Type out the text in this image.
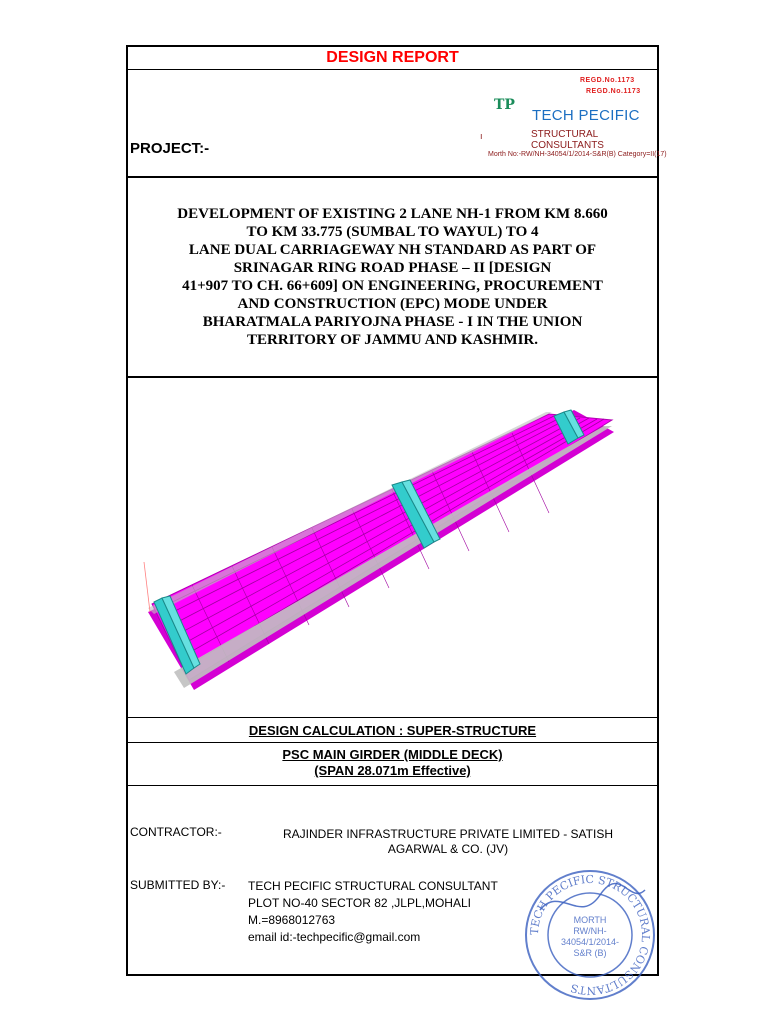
DESIGN REPORT
PROJECT:-
REGD.No.1173
REGD.No.1173
TP
TECH PECIFIC
ı	STRUCTURAL CONSULTANTS
Morth No:-RW/NH-34054/1/2014-S&R(B) Category=II(17)
DEVELOPMENT OF EXISTING 2 LANE NH-1 FROM KM 8.660
TO KM 33.775 (SUMBAL TO WAYUL) TO 4
LANE DUAL CARRIAGEWAY NH STANDARD AS PART OF
SRINAGAR RING ROAD PHASE – II [DESIGN
41+907 TO CH. 66+609] ON ENGINEERING, PROCUREMENT
AND CONSTRUCTION (EPC) MODE UNDER
BHARATMALA PARIYOJNA PHASE - I IN THE UNION
TERRITORY OF JAMMU AND KASHMIR.
DESIGN CALCULATION : SUPER-STRUCTURE
PSC MAIN GIRDER (MIDDLE DECK)
(SPAN 28.071m Effective)
CONTRACTOR:-	RAJINDER INFRASTRUCTURE PRIVATE LIMITED - SATISH
AGARWAL & CO. (JV)
SUBMITTED BY:- TECH PECIFIC STRUCTURAL CONSULTANT
PLOT NO-40 SECTOR 82 ,JLPL,MOHALI
M.=8968012763
email id:-techpecific@gmail.com	TECH PECIFIC STRUCTURAL CONSULTANTS
MORTH
RW/NH-
34054/1/2014-
S&R (B)
